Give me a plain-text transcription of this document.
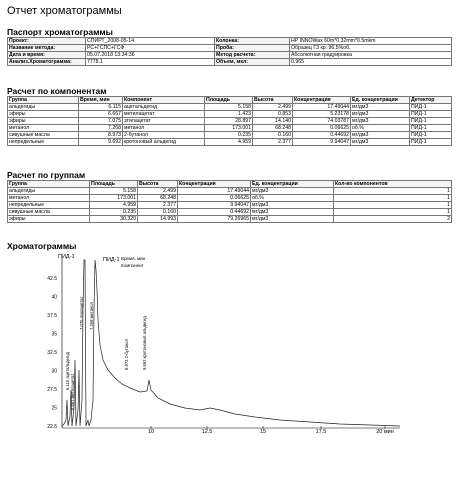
Отчет хроматограммы
Паспорт хроматограммы
Проект:	СПИРТ_2008-05-14	Колонка:	HP INNOWax 60m*0.32mm*0.5mkm
Название метода:	РС+ГСПС+ГСФ	Проба:	Образец Г3 кр. 96,5%об.
Дата и время:	05.07.2018 13:34:36	Метод расчета:	Абсолютная градуировка
Анализ.Хроматограмма:	7778.1	Объем, мкл:	0.965
Расчет по компонентам
Группа	Время, мин	Компонент	Площадь	Высота	Концентрация	Ед. концентрации	Детектор
альдегиды	6.115	ацетальдегид	5.158	2.499	17.49044	мг/дм3	ПИД-1
эфиры	6.667	метилацетат	1.423	0.853	5.23178	мг/дм3	ПИД-1
эфиры	7.075	этилацетат	28.897	14.140	74.03787	мг/дм3	ПИД-1
метанол	7.268	метанол	173.001	68.248	0.06625	об.%	ПИД-1
сивушные масла	8.973	2-бутанол	0.235	0.160	0.44692	мг/дм3	ПИД-1
непредельные	9.692	кротоновый альдегид	4.959	2.377	9.94047	мг/дм3	ПИД-1
Расчет по группам
Группа	Площадь	Высота	Концентрация	Ед. концентрации	Кол-во компонентов
альдегиды	5.158	2.499	17.49044	мг/дм3	1
метанол	173.001	68.248	0.06625	об.%	1
непредельные	4.959	2.377	9.94047	мг/дм3	1
сивушные масла	0.235	0.160	0.44692	мг/дм3	1
эфиры	30.320	14.993	79.26965	мг/дм3	2
Хроматограммы
42.5
40
37.5
35
32.5
30
27.5
25
22.5
10	12.5	15	17.5	20 мин
6.115 ацетальдегид
6.667 метилацетат
7.075 этилацетат 7.268 метанол
8.973 2-бутанол	9.692 кротоновый альдегид
ПИД-1	ПИД-1 Время, мин
Компонент
